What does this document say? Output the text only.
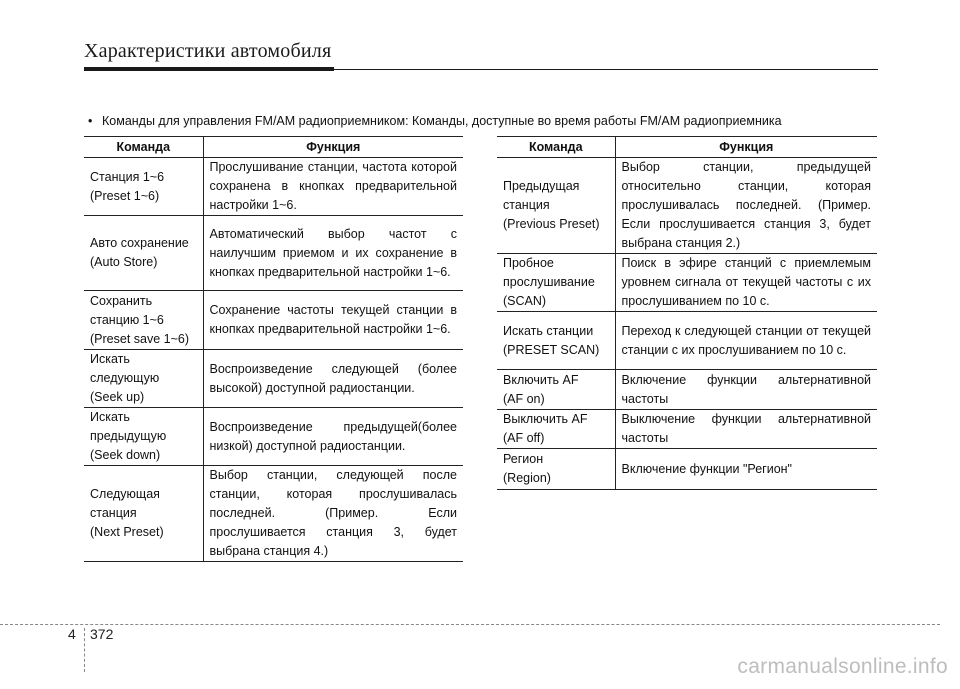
Характеристики автомобиля
• Команды для управления FM/AM радиоприемником: Команды, доступные во время работы FM/AM радиоприемника
Команда	Функция

Станция 1~6
(Preset 1~6)	Прослушивание станции, частота которой сохранена в кнопках предварительной настройки 1~6.

Авто сохранение
(Auto Store)	Автоматический выбор частот с наилучшим приемом и их сохранение в кнопках предварительной настройки 1~6.

Сохранить
станцию 1~6
(Preset save 1~6)	Сохранение частоты текущей станции в кнопках предварительной настройки 1~6.

Искать
следующую
(Seek up)	Воспроизведение следующей (более высокой) доступной радиостанции.

Искать
предыдущую
(Seek down)	Воспроизведение предыдущей(более низкой) доступной радиостанции.

Следующая
станция
(Next Preset)	Выбор станции, следующей после станции, которая прослушивалась последней. (Пример. Если прослушивается станция 3, будет выбрана станция 4.)
Команда	Функция

Предыдущая
станция
(Previous Preset)	Выбор станции, предыдущей относительно станции, которая прослушивалась последней. (Пример. Если прослушивается станция 3, будет выбрана станция 2.)

Пробное
прослушивание
(SCAN)	Поиск в эфире станций с приемлемым уровнем сигнала от текущей частоты с их прослушиванием по 10 с.

Искать станции
(PRESET SCAN)	Переход к следующей станции от текущей станции с их прослушиванием по 10 с.

Включить AF
(AF on)	Включение функции альтернативной частоты

Выключить AF
(AF off)	Выключение функции альтернативной частоты

Регион
(Region)	Включение функции "Регион"
4 372
carmanualsonline.info
